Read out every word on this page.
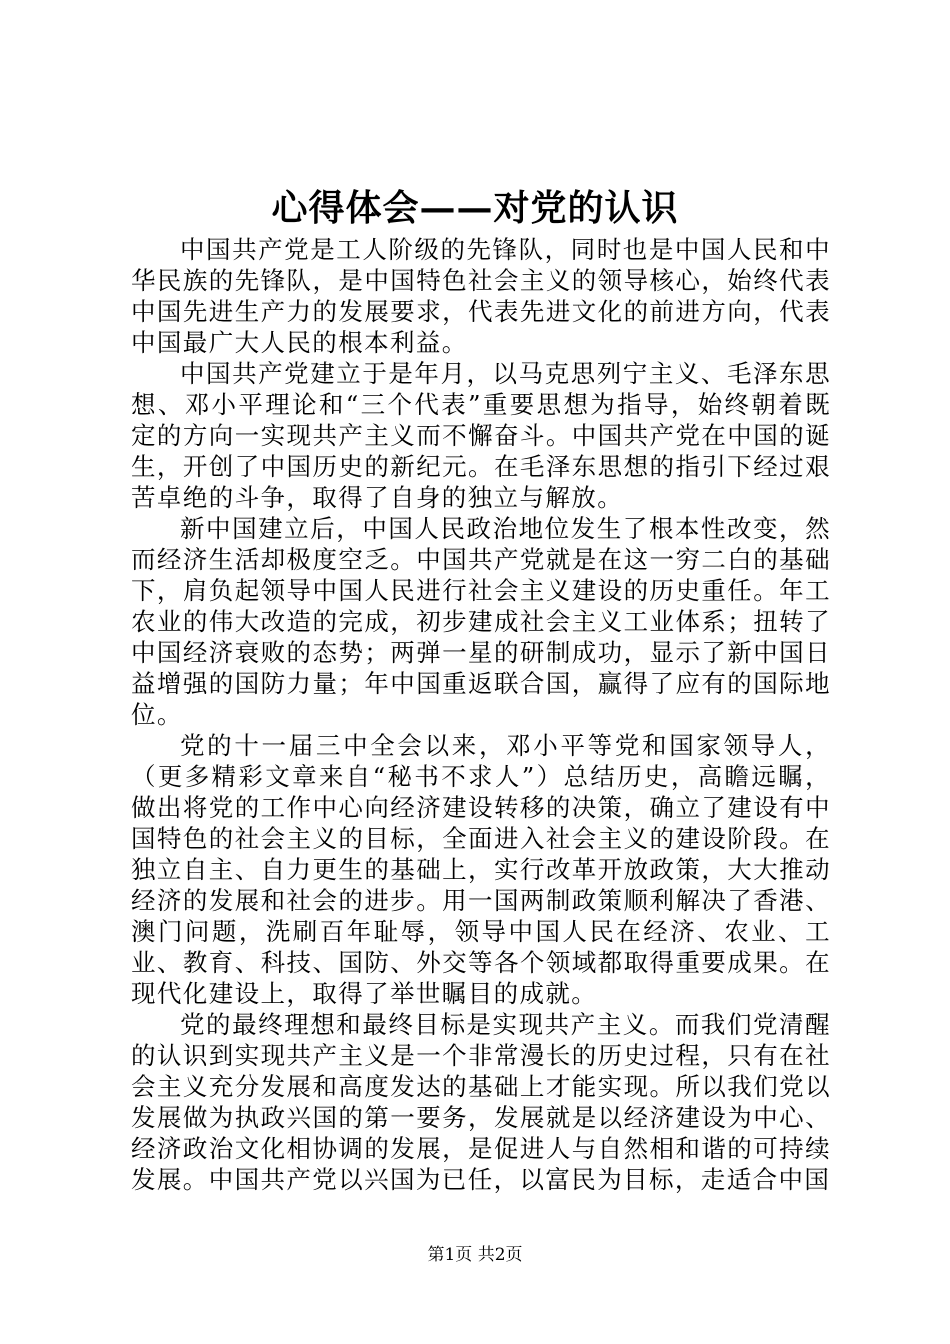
心得体会——对党的认识

中国共产党是工人阶级的先锋队，同时也是中国人民和中华民族的先锋队，是中国特色社会主义的领导核心，始终代表中国先进生产力的发展要求，代表先进文化的前进方向，代表中国最广大人民的根本利益。

中国共产党建立于是年月，以马克思列宁主义、毛泽东思想、邓小平理论和“三个代表”重要思想为指导，始终朝着既定的方向一实现共产主义而不懈奋斗。中国共产党在中国的诞生，开创了中国历史的新纪元。在毛泽东思想的指引下经过艰苦卓绝的斗争，取得了自身的独立与解放。

新中国建立后，中国人民政治地位发生了根本性改变，然而经济生活却极度空乏。中国共产党就是在这一穷二白的基础下，肩负起领导中国人民进行社会主义建设的历史重任。年工农业的伟大改造的完成，初步建成社会主义工业体系；扭转了中国经济衰败的态势；两弹一星的研制成功，显示了新中国日益增强的国防力量；年中国重返联合国，赢得了应有的国际地位。

党的十一届三中全会以来，邓小平等党和国家领导人，（更多精彩文章来自“秘书不求人”）总结历史，高瞻远瞩，做出将党的工作中心向经济建设转移的决策，确立了建设有中国特色的社会主义的目标，全面进入社会主义的建设阶段。在独立自主、自力更生的基础上，实行改革开放政策，大大推动经济的发展和社会的进步。用一国两制政策顺利解决了香港、澳门问题，洗刷百年耻辱，领导中国人民在经济、农业、工业、教育、科技、国防、外交等各个领域都取得重要成果。在现代化建设上，取得了举世瞩目的成就。

党的最终理想和最终目标是实现共产主义。而我们党清醒的认识到实现共产主义是一个非常漫长的历史过程，只有在社会主义充分发展和高度发达的基础上才能实现。所以我们党以发展做为执政兴国的第一要务，发展就是以经济建设为中心、经济政治文化相协调的发展，是促进人与自然相和谐的可持续发展。中国共产党以兴国为已任，以富民为目标，走适合中国

第1页 共2页
